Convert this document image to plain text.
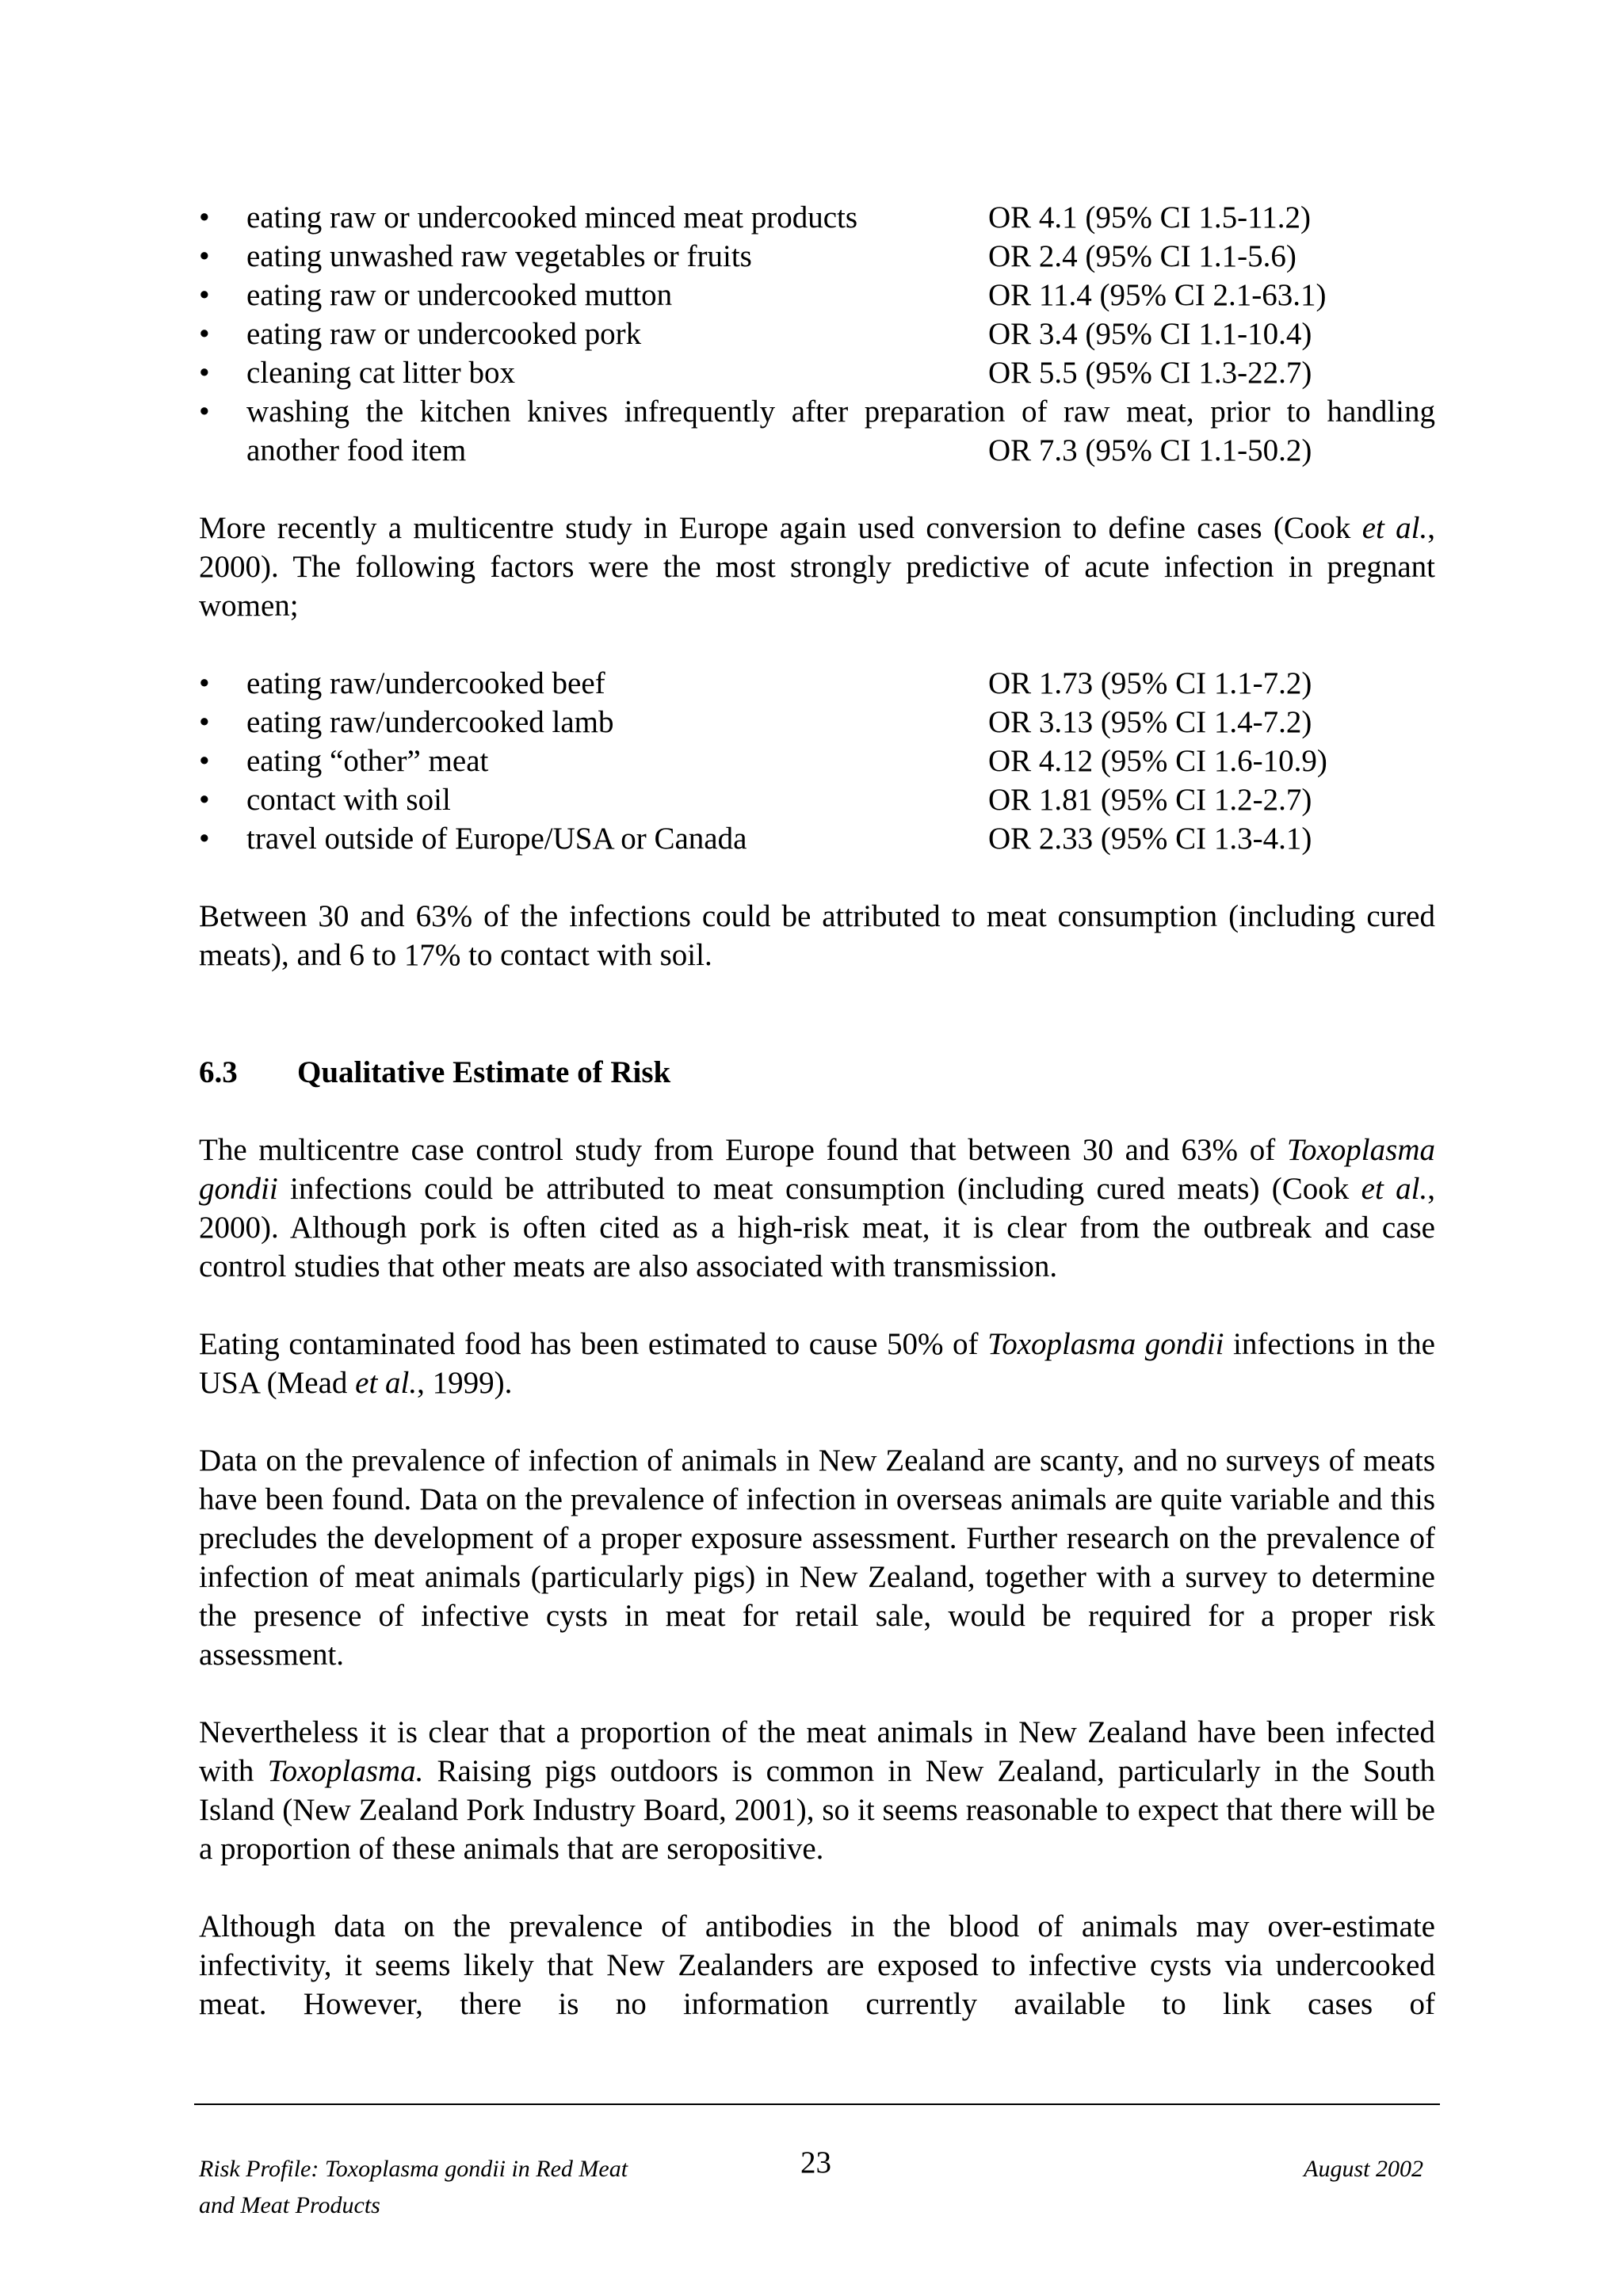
•	eating raw or undercooked minced meat products	OR 4.1 (95% CI 1.5-11.2)
•	eating unwashed raw vegetables or fruits	OR 2.4 (95% CI 1.1-5.6)
•	eating raw or undercooked mutton	OR 11.4 (95% CI 2.1-63.1)
•	eating raw or undercooked pork	OR 3.4 (95% CI 1.1-10.4)
•	cleaning cat litter box	OR 5.5 (95% CI 1.3-22.7)
•	washing the kitchen knives infrequently after preparation of raw meat, prior to handling
another food item	OR 7.3 (95% CI 1.1-50.2)

More recently a multicentre study in Europe again used conversion to define cases (Cook et al., 2000). The following factors were the most strongly predictive of acute infection in pregnant women;

•	eating raw/undercooked beef	OR 1.73 (95% CI 1.1-7.2)
•	eating raw/undercooked lamb	OR 3.13 (95% CI 1.4-7.2)
•	eating “other” meat	OR 4.12 (95% CI 1.6-10.9)
•	contact with soil	OR 1.81 (95% CI 1.2-2.7)
•	travel outside of Europe/USA or Canada	OR 2.33 (95% CI 1.3-4.1)

Between 30 and 63% of the infections could be attributed to meat consumption (including cured meats), and 6 to 17% to contact with soil.

6.3	Qualitative Estimate of Risk

The multicentre case control study from Europe found that between 30 and 63% of Toxoplasma gondii infections could be attributed to meat consumption (including cured meats) (Cook et al., 2000). Although pork is often cited as a high-risk meat, it is clear from the outbreak and case control studies that other meats are also associated with transmission.

Eating contaminated food has been estimated to cause 50% of Toxoplasma gondii infections in the USA (Mead et al., 1999).

Data on the prevalence of infection of animals in New Zealand are scanty, and no surveys of meats have been found. Data on the prevalence of infection in overseas animals are quite variable and this precludes the development of a proper exposure assessment. Further research on the prevalence of infection of meat animals (particularly pigs) in New Zealand, together with a survey to determine the presence of infective cysts in meat for retail sale, would be required for a proper risk assessment.

Nevertheless it is clear that a proportion of the meat animals in New Zealand have been infected with Toxoplasma. Raising pigs outdoors is common in New Zealand, particularly in the South Island (New Zealand Pork Industry Board, 2001), so it seems reasonable to expect that there will be a proportion of these animals that are seropositive.

Although data on the prevalence of antibodies in the blood of animals may over-estimate infectivity, it seems likely that New Zealanders are exposed to infective cysts via undercooked meat. However, there is no information currently available to link cases of

Risk Profile: Toxoplasma gondii in Red Meat
and Meat Products
23	August 2002
